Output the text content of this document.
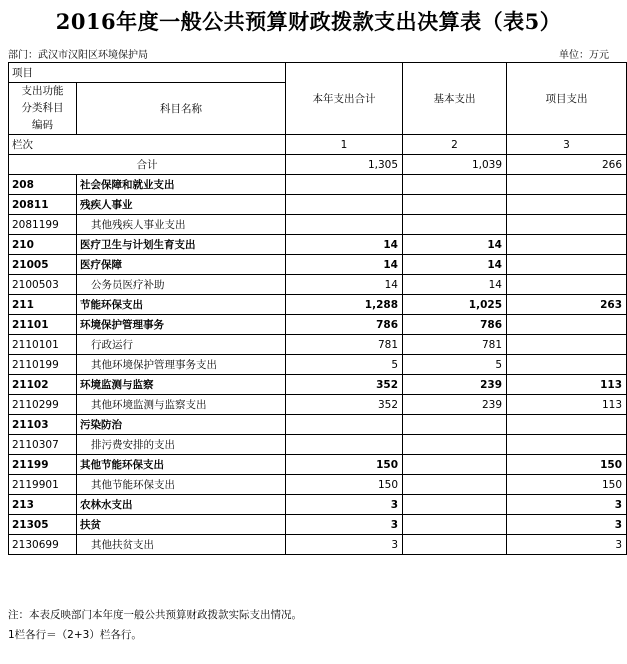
2016年度一般公共预算财政拨款支出决算表（表5）
部门：武汉市汉阳区环境保护局	单位：万元
项目		本年支出合计	基本支出	项目支出
支出功能
分类科目
编码	科目名称			

栏次		1	2	3
合计		1,305	1,039	266
208	社会保障和就业支出			
20811	残疾人事业			
2081199	其他残疾人事业支出			
210	医疗卫生与计划生育支出	14	14	
21005	医疗保障	14	14	
2100503	公务员医疗补助	14	14	
211	节能环保支出	1,288	1,025	263
21101	环境保护管理事务	786	786	
2110101	行政运行	781	781	
2110199	其他环境保护管理事务支出	5	5	
21102	环境监测与监察	352	239	113
2110299	其他环境监测与监察支出	352	239	113
21103	污染防治			
2110307	排污费安排的支出			
21199	其他节能环保支出	150		150
2119901	其他节能环保支出	150		150
213	农林水支出	3		3
21305	扶贫	3		3
2130699	其他扶贫支出	3		3
注：本表反映部门本年度一般公共预算财政拨款实际支出情况。
1栏各行＝（2+3）栏各行。
